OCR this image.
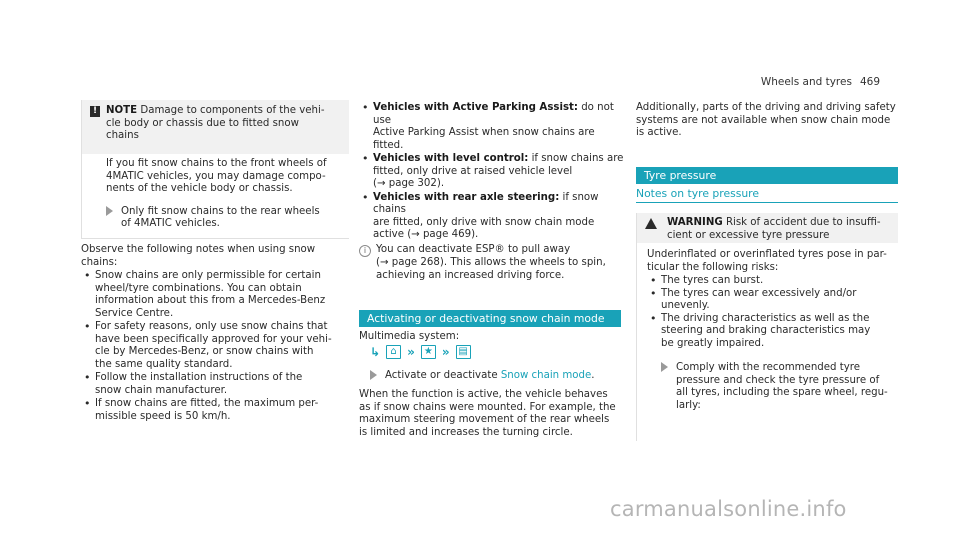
Wheels and tyres 469
! NOTE Damage to components of the vehi-

cle body or chassis due to fitted snow
chains
If you fit snow chains to the front wheels of
4MATIC vehicles, you may damage compo-
nents of the vehicle body or chassis.
Only fit snow chains to the rear wheels
of 4MATIC vehicles.
Observe the following notes when using snow
chains:
• Snow chains are only permissible for certain
wheel/tyre combinations. You can obtain
information about this from a Mercedes-Benz
Service Centre.
• For safety reasons, only use snow chains that
have been specifically approved for your vehi-
cle by Mercedes-Benz, or snow chains with
the same quality standard.
• Follow the installation instructions of the
snow chain manufacturer.
• If snow chains are fitted, the maximum per-
missible speed is 50 km/h.
• Vehicles with Active Parking Assist: do not use
Active Parking Assist when snow chains are
fitted.
• Vehicles with level control: if snow chains are
fitted, only drive at raised vehicle level
(→ page 302).
• Vehicles with rear axle steering: if snow chains
are fitted, only drive with snow chain mode
active (→ page 469).
i You can deactivate ESP® to pull away
(→ page 268). This allows the wheels to spin,
achieving an increased driving force.
Activating or deactivating snow chain mode
Multimedia system:
↳	⌂ » ★ » ▤
Activate or deactivate Snow chain mode.
When the function is active, the vehicle behaves
as if snow chains were mounted. For example, the
maximum steering movement of the rear wheels
is limited and increases the turning circle.
Additionally, parts of the driving and driving safety
systems are not available when snow chain mode
is active.
Tyre pressure
Notes on tyre pressure
WARNING Risk of accident due to insuffi-
cient or excessive tyre pressure
Underinflated or overinflated tyres pose in par-
ticular the following risks:
• The tyres can burst.
• The tyres can wear excessively and/or
unevenly.
• The driving characteristics as well as the
steering and braking characteristics may
be greatly impaired.
Comply with the recommended tyre
pressure and check the tyre pressure of
all tyres, including the spare wheel, regu-
larly:
carmanualsonline.info
